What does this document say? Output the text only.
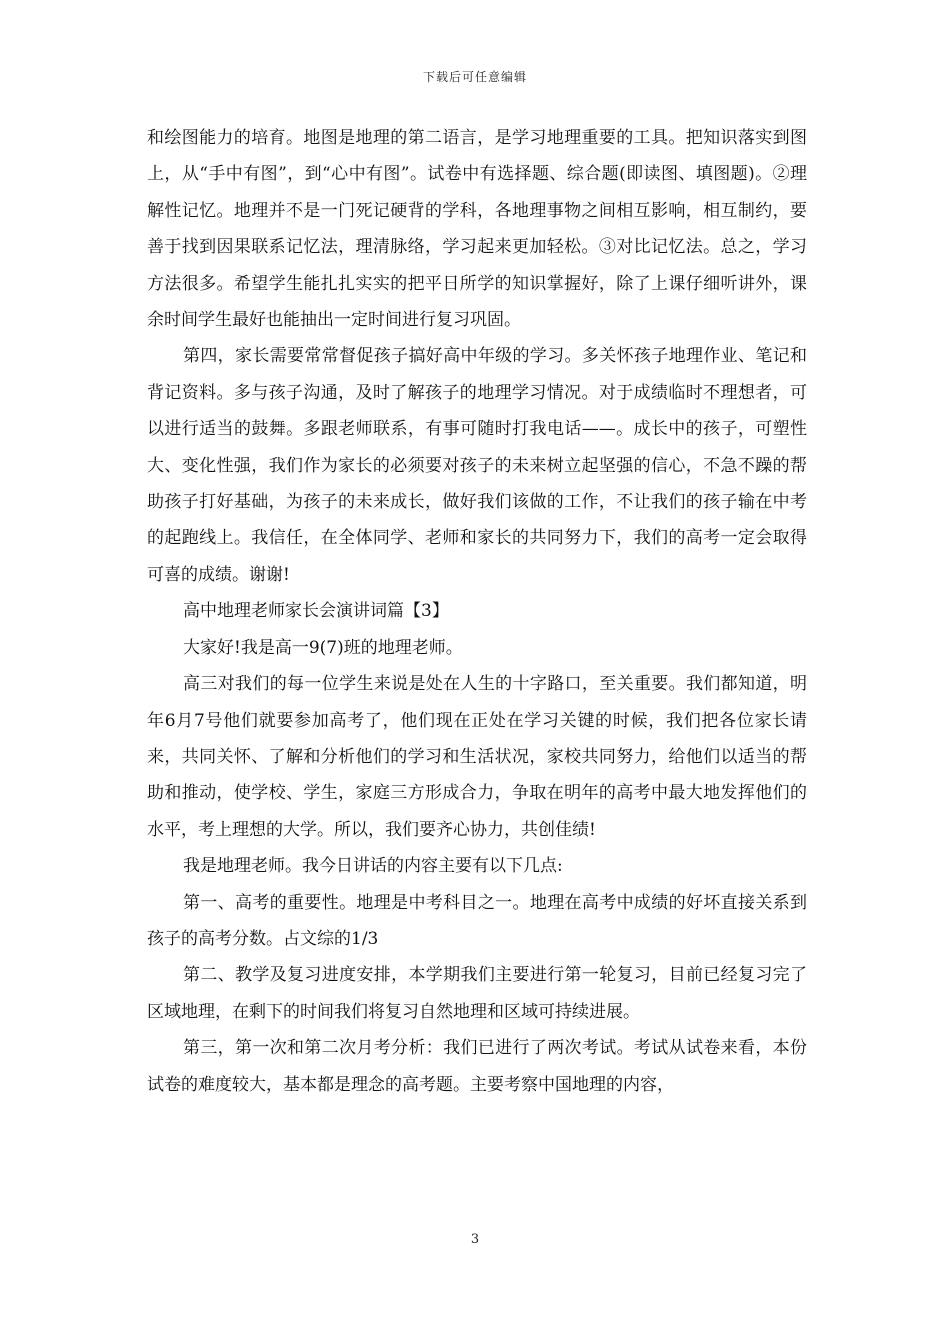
下载后可任意编辑

和绘图能力的培育。地图是地理的第二语言，是学习地理重要的工具。把知识落实到图上，从“手中有图”，到“心中有图”。试卷中有选择题、综合题(即读图、填图题)。②理解性记忆。地理并不是一门死记硬背的学科，各地理事物之间相互影响，相互制约，要善于找到因果联系记忆法，理清脉络，学习起来更加轻松。③对比记忆法。总之，学习方法很多。希望学生能扎扎实实的把平日所学的知识掌握好，除了上课仔细听讲外，课余时间学生最好也能抽出一定时间进行复习巩固。

第四，家长需要常常督促孩子搞好高中年级的学习。多关怀孩子地理作业、笔记和背记资料。多与孩子沟通，及时了解孩子的地理学习情况。对于成绩临时不理想者，可以进行适当的鼓舞。多跟老师联系，有事可随时打我电话——。成长中的孩子，可塑性大、变化性强，我们作为家长的必须要对孩子的未来树立起坚强的信心，不急不躁的帮助孩子打好基础，为孩子的未来成长，做好我们该做的工作，不让我们的孩子输在中考的起跑线上。我信任，在全体同学、老师和家长的共同努力下，我们的高考一定会取得可喜的成绩。谢谢!

高中地理老师家长会演讲词篇【3】

大家好!我是高一9(7)班的地理老师。

高三对我们的每一位学生来说是处在人生的十字路口，至关重要。我们都知道，明年6月7号他们就要参加高考了，他们现在正处在学习关键的时候，我们把各位家长请来，共同关怀、了解和分析他们的学习和生活状况，家校共同努力，给他们以适当的帮助和推动，使学校、学生，家庭三方形成合力，争取在明年的高考中最大地发挥他们的水平，考上理想的大学。所以，我们要齐心协力，共创佳绩!

我是地理老师。我今日讲话的内容主要有以下几点:

第一、高考的重要性。地理是中考科目之一。地理在高考中成绩的好坏直接关系到孩子的高考分数。占文综的1/3

第二、教学及复习进度安排，本学期我们主要进行第一轮复习，目前已经复习完了区域地理，在剩下的时间我们将复习自然地理和区域可持续进展。

第三，第一次和第二次月考分析：我们已进行了两次考试。考试从试卷来看，本份试卷的难度较大，基本都是理念的高考题。主要考察中国地理的内容，

3
